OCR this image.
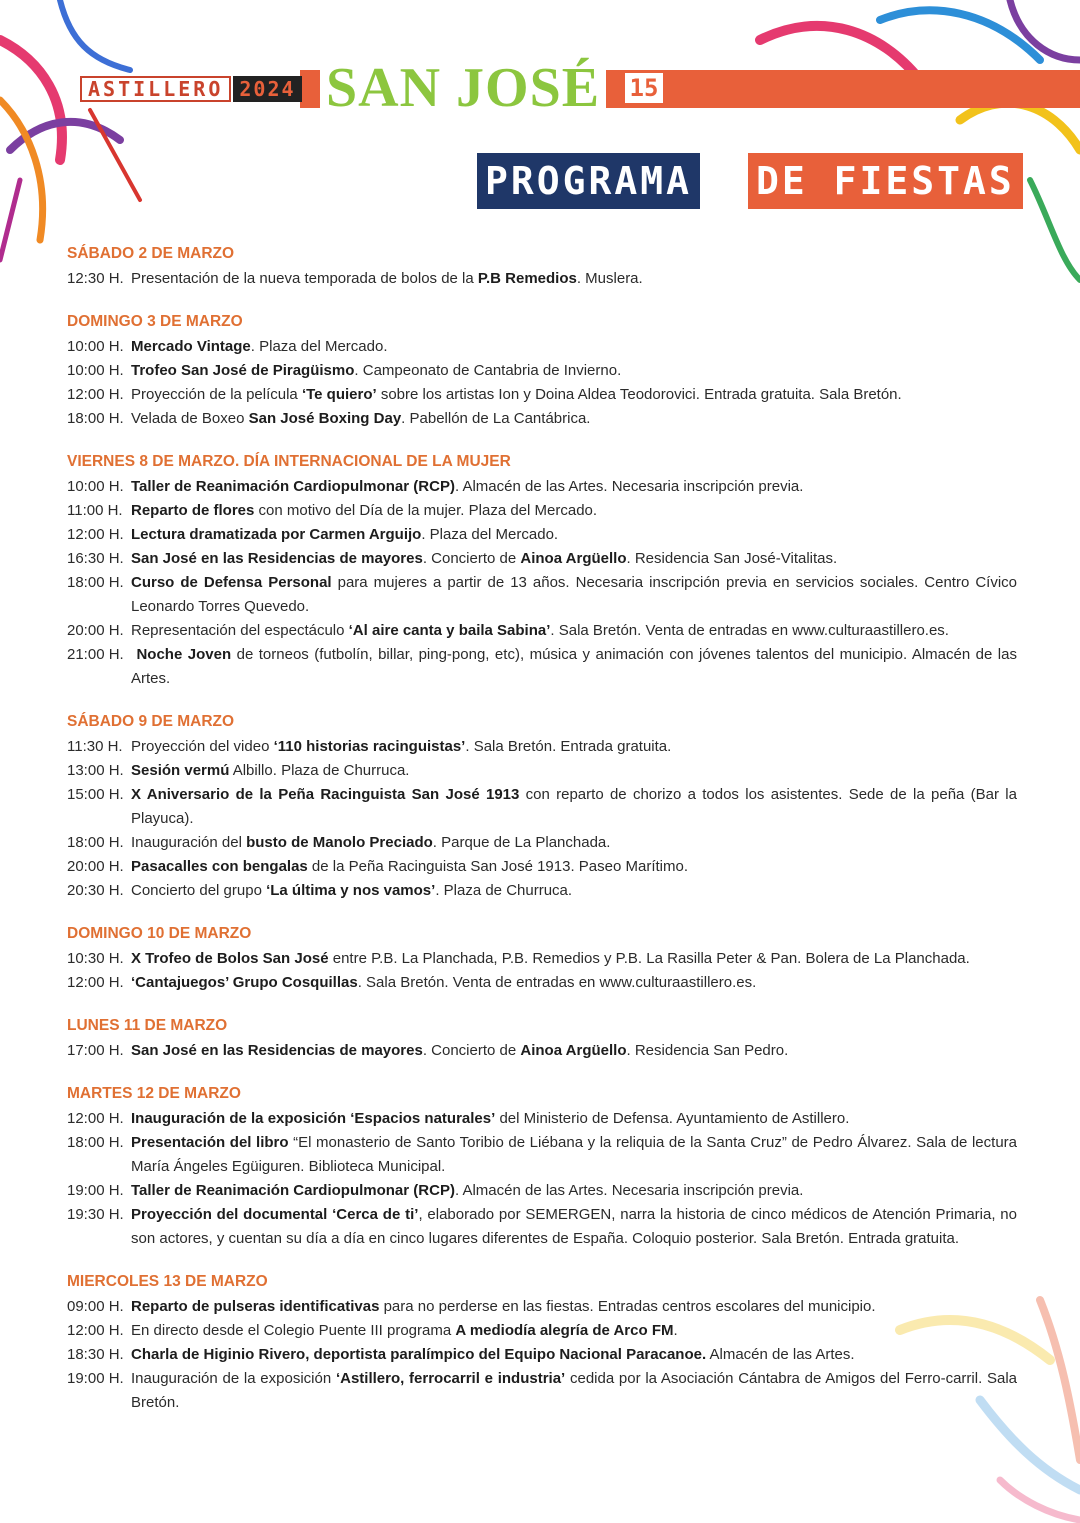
ASTILLERO 2024 SAN JOSÉ	15
PROGRAMA DE FIESTAS
SÁBADO 2 DE MARZO

12:30 H. Presentación de la nueva temporada de bolos de la P.B Remedios. Muslera.

DOMINGO 3 DE MARZO

10:00 H. Mercado Vintage. Plaza del Mercado.

10:00 H. Trofeo San José de Piragüismo. Campeonato de Cantabria de Invierno.

12:00 H. Proyección de la película ‘Te quiero’ sobre los artistas Ion y Doina Aldea Teodorovici. Entrada gratuita. Sala Bretón.

18:00 H. Velada de Boxeo San José Boxing Day. Pabellón de La Cantábrica.

VIERNES 8 DE MARZO. DÍA INTERNACIONAL DE LA MUJER

10:00 H. Taller de Reanimación Cardiopulmonar (RCP). Almacén de las Artes. Necesaria inscripción previa.

11:00 H. Reparto de flores con motivo del Día de la mujer. Plaza del Mercado.

12:00 H. Lectura dramatizada por Carmen Arguijo. Plaza del Mercado.

16:30 H. San José en las Residencias de mayores. Concierto de Ainoa Argüello. Residencia San José-Vitalitas.

18:00 H. Curso de Defensa Personal para mujeres a partir de 13 años. Necesaria inscripción previa en servicios sociales. Centro Cívico Leonardo Torres Quevedo.

20:00 H. Representación del espectáculo ‘Al aire canta y baila Sabina’. Sala Bretón. Venta de entradas en www.culturaastillero.es.

21:00 H. Noche Joven de torneos (futbolín, billar, ping-pong, etc), música y animación con jóvenes talentos del municipio. Almacén de las Artes.

SÁBADO 9 DE MARZO

11:30 H. Proyección del video ‘110 historias racinguistas’. Sala Bretón. Entrada gratuita.

13:00 H. Sesión vermú Albillo. Plaza de Churruca.

15:00 H. X Aniversario de la Peña Racinguista San José 1913 con reparto de chorizo a todos los asistentes. Sede de la peña (Bar la Playuca).

18:00 H. Inauguración del busto de Manolo Preciado. Parque de La Planchada.

20:00 H. Pasacalles con bengalas de la Peña Racinguista San José 1913. Paseo Marítimo.

20:30 H. Concierto del grupo ‘La última y nos vamos’. Plaza de Churruca.

DOMINGO 10 DE MARZO

10:30 H. X Trofeo de Bolos San José entre P.B. La Planchada, P.B. Remedios y P.B. La Rasilla Peter & Pan. Bolera de La Planchada.

12:00 H. ‘Cantajuegos’ Grupo Cosquillas. Sala Bretón. Venta de entradas en www.culturaastillero.es.

LUNES 11 DE MARZO

17:00 H. San José en las Residencias de mayores. Concierto de Ainoa Argüello. Residencia San Pedro.

MARTES 12 DE MARZO

12:00 H. Inauguración de la exposición ‘Espacios naturales’ del Ministerio de Defensa. Ayuntamiento de Astillero.

18:00 H. Presentación del libro “El monasterio de Santo Toribio de Liébana y la reliquia de la Santa Cruz” de Pedro Álvarez. Sala de lectura María Ángeles Egüiguren. Biblioteca Municipal.

19:00 H. Taller de Reanimación Cardiopulmonar (RCP). Almacén de las Artes. Necesaria inscripción previa.

19:30 H. Proyección del documental ‘Cerca de ti’, elaborado por SEMERGEN, narra la historia de cinco médicos de Atención Primaria, no son actores, y cuentan su día a día en cinco lugares diferentes de España. Coloquio posterior. Sala Bretón. Entrada gratuita.

MIERCOLES 13 DE MARZO

09:00 H. Reparto de pulseras identificativas para no perderse en las fiestas. Entradas centros escolares del municipio.

12:00 H. En directo desde el Colegio Puente III programa A mediodía alegría de Arco FM.

18:30 H. Charla de Higinio Rivero, deportista paralímpico del Equipo Nacional Paracanoe. Almacén de las Artes.

19:00 H. Inauguración de la exposición ‘Astillero, ferrocarril e industria’ cedida por la Asociación Cántabra de Amigos del Ferro-carril. Sala Bretón.
